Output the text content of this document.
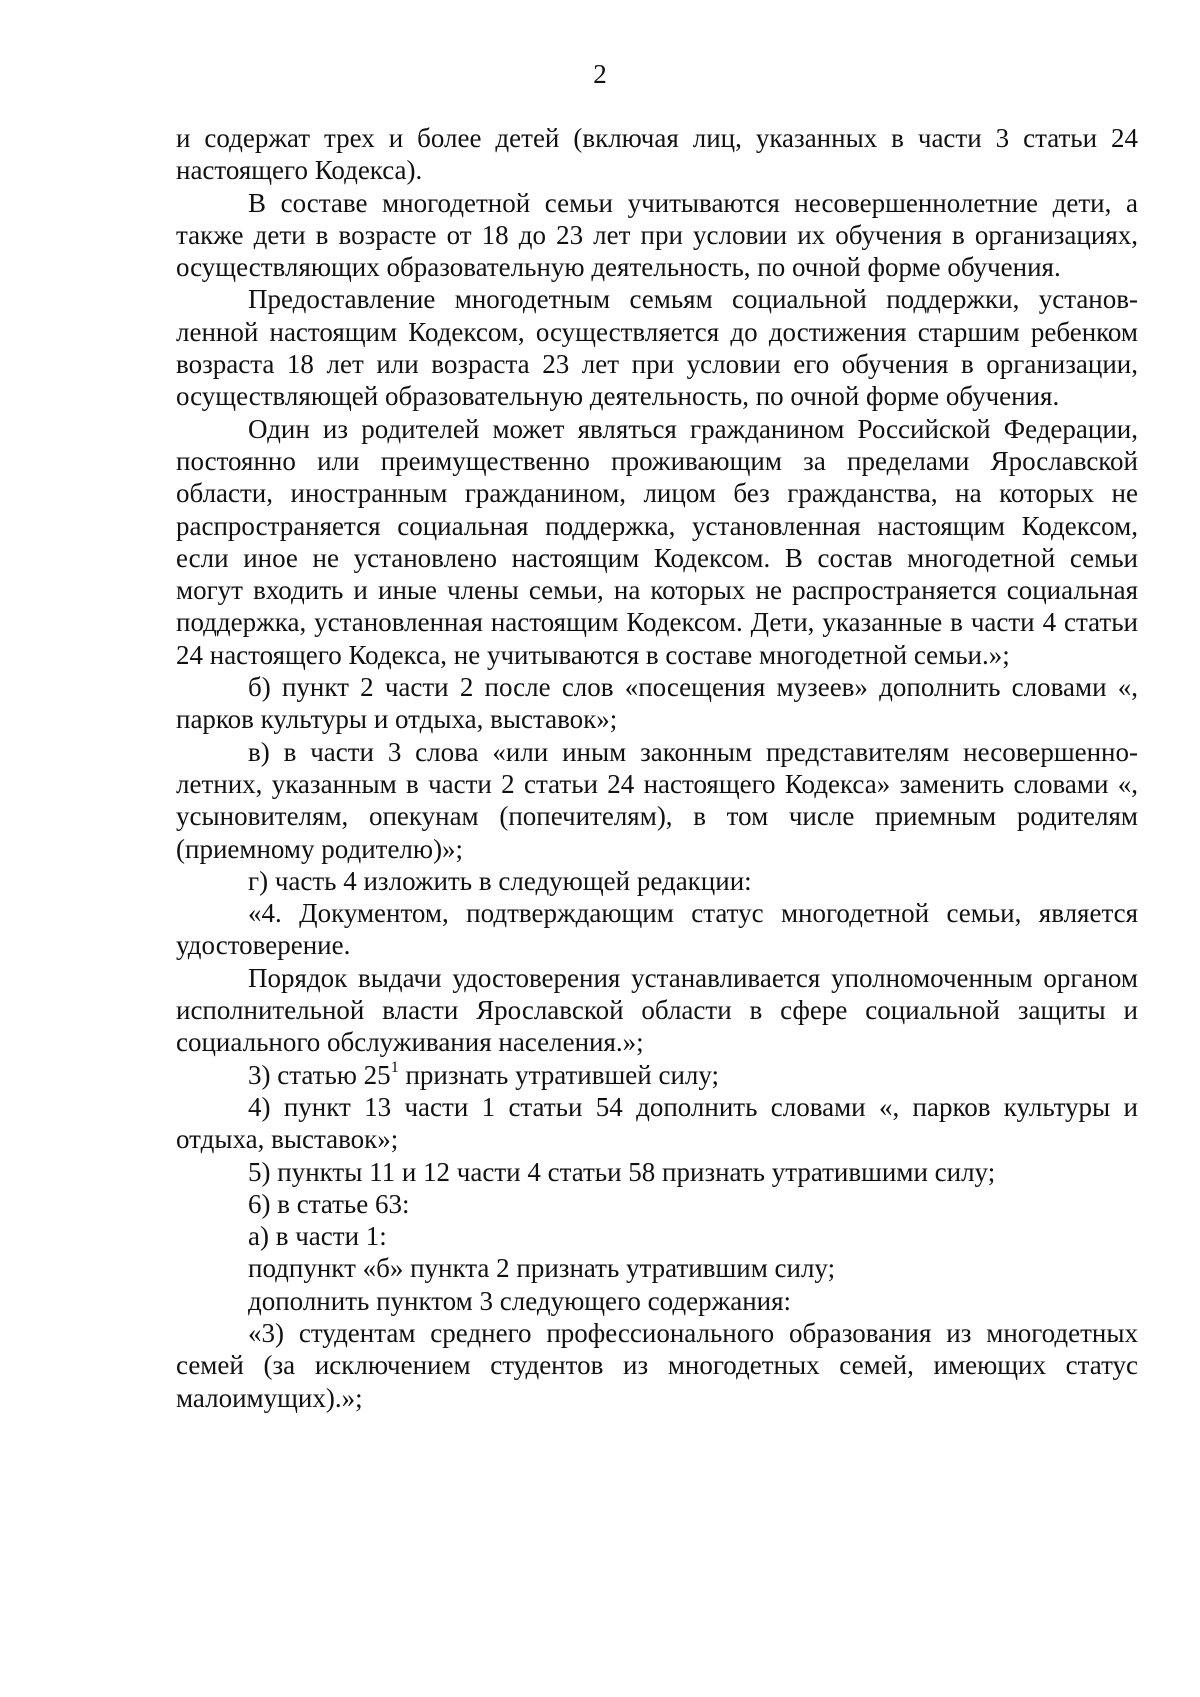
2

и содержат трех и более детей (включая лиц, указанных в части 3 статьи 24 настоящего Кодекса).

В составе многодетной семьи учитываются несовершеннолетние дети, а также дети в возрасте от 18 до 23 лет при условии их обучения в организациях, осуществляющих образовательную деятельность, по очной форме обучения.

Предоставление многодетным семьям социальной поддержки, установленной настоящим Кодексом, осуществляется до достижения старшим ребенком возраста 18 лет или возраста 23 лет при условии его обучения в организации, осуществляющей образовательную деятельность, по очной форме обучения.

Один из родителей может являться гражданином Российской Федерации, постоянно или преимущественно проживающим за пределами Ярославской области, иностранным гражданином, лицом без гражданства, на которых не распространяется социальная поддержка, установленная настоящим Кодексом, если иное не установлено настоящим Кодексом. В состав многодетной семьи могут входить и иные члены семьи, на которых не распространяется социальная поддержка, установленная настоящим Кодексом. Дети, указанные в части 4 статьи 24 настоящего Кодекса, не учитываются в составе многодетной семьи.»;

б) пункт 2 части 2 после слов «посещения музеев» дополнить словами «, парков культуры и отдыха, выставок»;

в) в части 3 слова «или иным законным представителям несовершеннолетних, указанным в части 2 статьи 24 настоящего Кодекса» заменить словами «, усыновителям, опекунам (попечителям), в том числе приемным родителям (приемному родителю)»;

г) часть 4 изложить в следующей редакции:

«4. Документом, подтверждающим статус многодетной семьи, является удостоверение.

Порядок выдачи удостоверения устанавливается уполномоченным органом исполнительной власти Ярославской области в сфере социальной защиты и социального обслуживания населения.»;

3) статью $25^1$ признать утратившей силу;

4) пункт 13 части 1 статьи 54 дополнить словами «, парков культуры и отдыха, выставок»;

5) пункты 11 и 12 части 4 статьи 58 признать утратившими силу;

6) в статье 63:

а) в части 1:

подпункт «б» пункта 2 признать утратившим силу;

дополнить пунктом 3 следующего содержания:

«3) студентам среднего профессионального образования из многодетных семей (за исключением студентов из многодетных семей, имеющих статус малоимущих).»;
